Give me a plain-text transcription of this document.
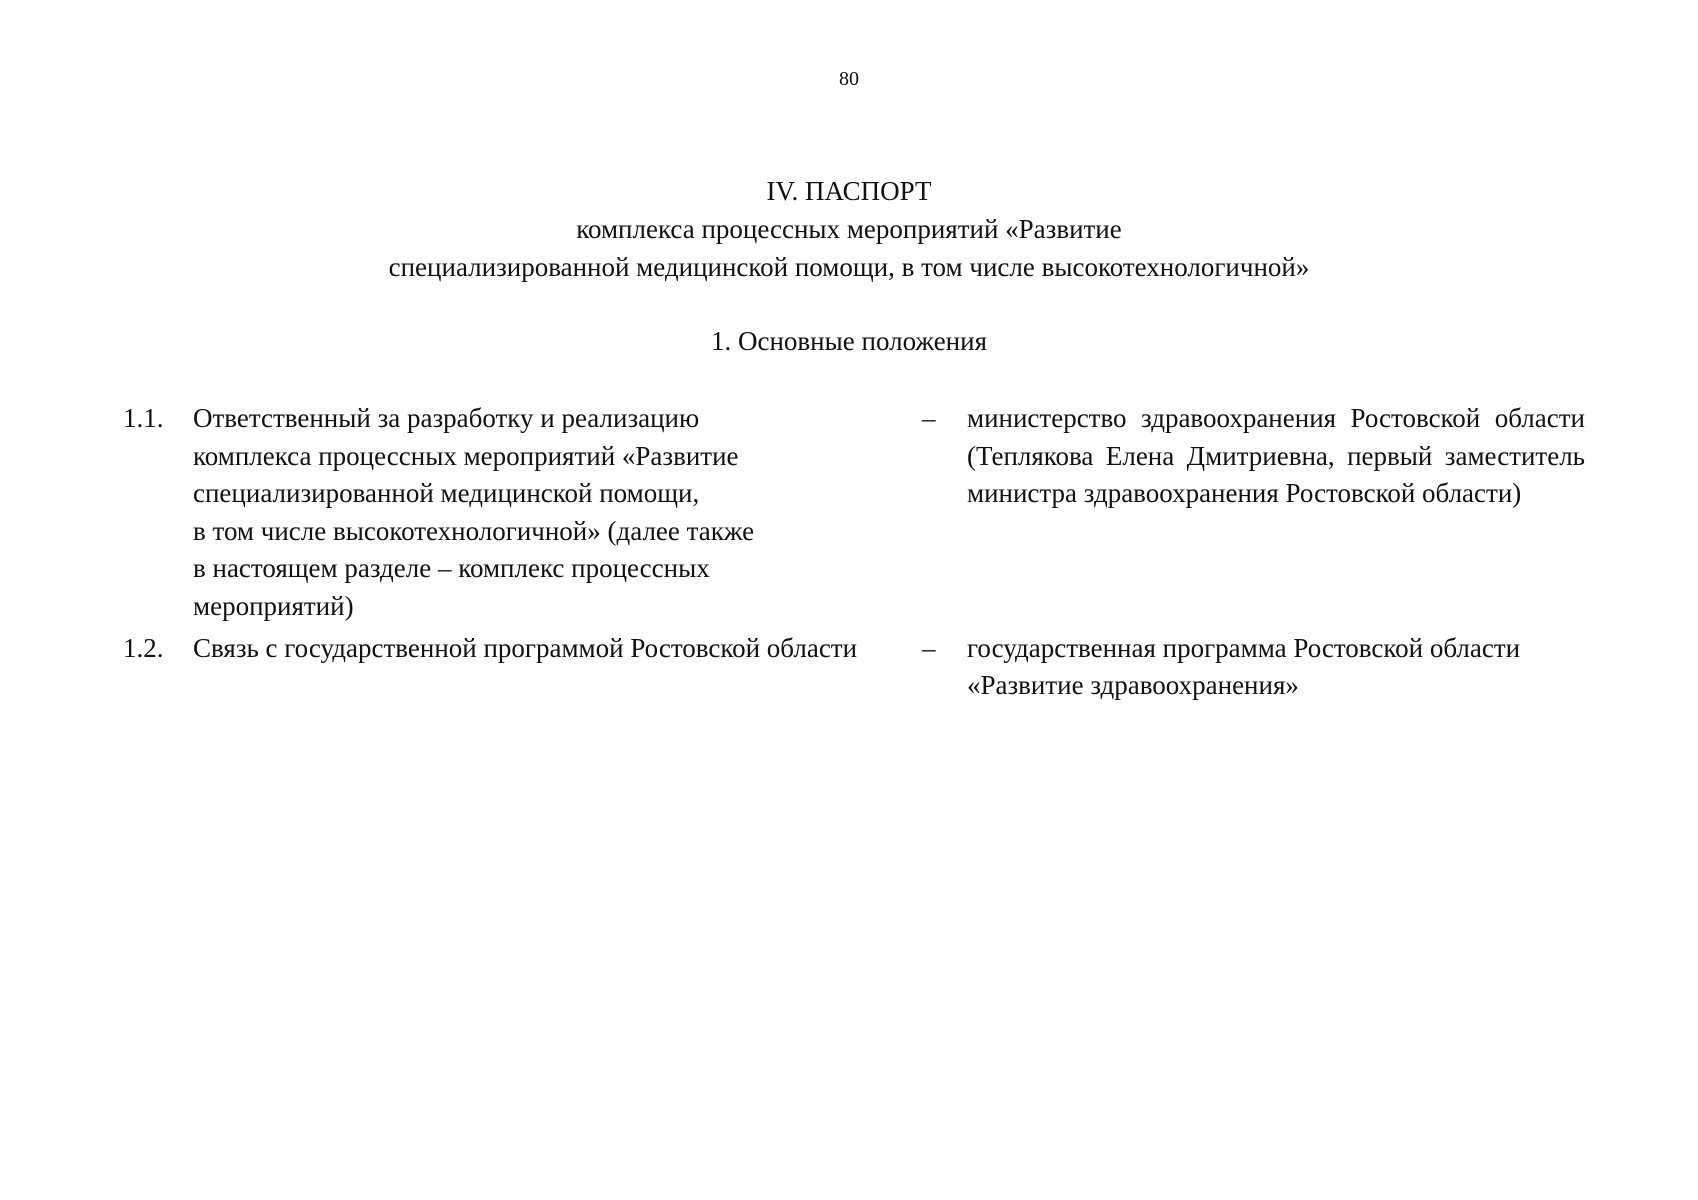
80
IV. ПАСПОРТ
комплекса процессных мероприятий «Развитие
специализированной медицинской помощи, в том числе высокотехнологичной»
1. Основные положения
1.1. Ответственный за разработку и реализацию
комплекса процессных мероприятий «Развитие
специализированной медицинской помощи,
в том числе высокотехнологичной» (далее также
в настоящем разделе – комплекс процессных
мероприятий)
– министерство здравоохранения Ростовской области (Теплякова Елена Дмитриевна, первый заместитель министра здравоохранения Ростовской области)
1.2. Связь с государственной программой Ростовской области
	– государственная программа Ростовской области
«Развитие здравоохранения»
